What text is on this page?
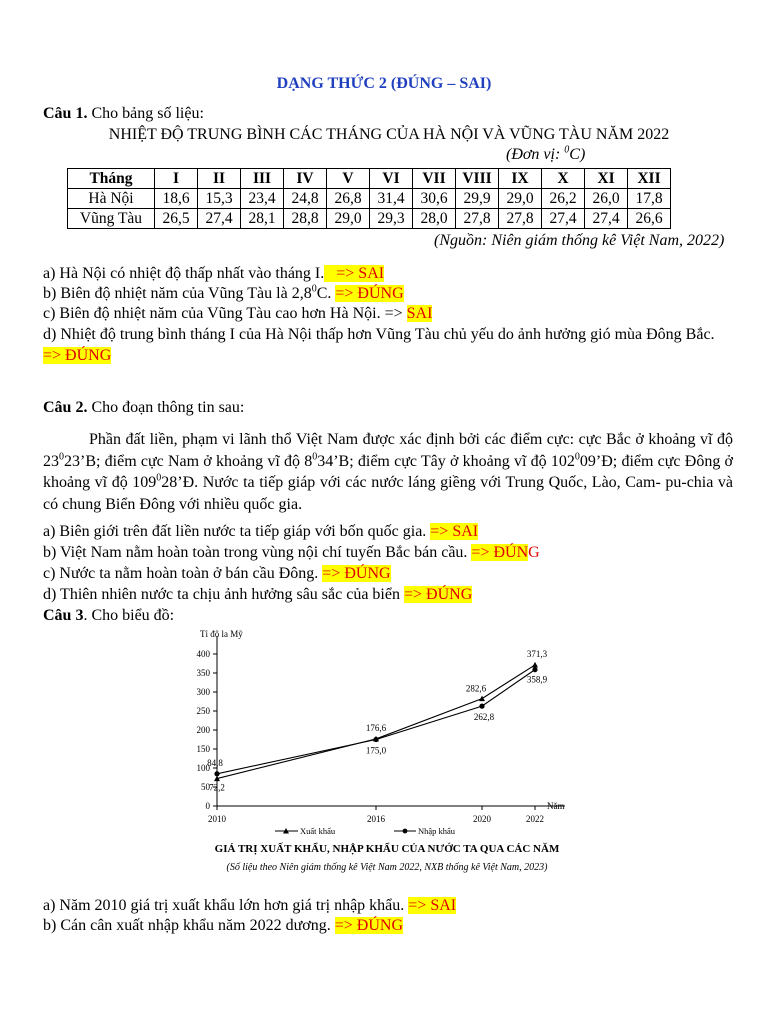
DẠNG THỨC 2 (ĐÚNG – SAI)
Câu 1. Cho bảng số liệu:
NHIỆT ĐỘ TRUNG BÌNH CÁC THÁNG CỦA HÀ NỘI VÀ VŨNG TÀU NĂM 2022
(Đơn vị: $^0$C)
Tháng	I	II	III	IV	V	VI	VII	VIII	IX	X	XI	XII
Hà Nội	18,6	15,3	23,4	24,8	26,8	31,4	30,6	29,9	29,0	26,2	26,0	17,8
Vũng Tàu	26,5	27,4	28,1	28,8	29,0	29,3	28,0	27,8	27,8	27,4	27,4	26,6
(Nguồn: Niên giám thống kê Việt Nam, 2022)
a) Hà Nội có nhiệt độ thấp nhất vào tháng I.   => SAI
b) Biên độ nhiệt năm của Vũng Tàu là $2,8^0C$. => ĐÚNG
c) Biên độ nhiệt năm của Vũng Tàu cao hơn Hà Nội. => SAI
d) Nhiệt độ trung bình tháng I của Hà Nội thấp hơn Vũng Tàu chủ yếu do ảnh hưởng gió mùa Đông Bắc.
=> ĐÚNG
Câu 2. Cho đoạn thông tin sau:
Phần đất liền, phạm vi lãnh thổ Việt Nam được xác định bởi các điểm cực: cực Bắc ở khoảng vĩ độ $23^023’B$; điểm cực Nam ở khoảng vĩ độ $8^034’B$; điểm cực Tây ở khoảng vĩ độ $102^009’Đ$; điểm cực Đông ở khoảng vĩ độ $109^028’Đ$. Nước ta tiếp giáp với các nước láng giềng với Trung Quốc, Lào, Cam- pu-chia và có chung Biển Đông với nhiều quốc gia.
a) Biên giới trên đất liền nước ta tiếp giáp với bốn quốc gia. => SAI
b) Việt Nam nằm hoàn toàn trong vùng nội chí tuyến Bắc bán cầu. => ĐÚNG
c) Nước ta nằm hoàn toàn ở bán cầu Đông. => ĐÚNG
d) Thiên nhiên nước ta chịu ảnh hưởng sâu sắc của biển => ĐÚNG
Câu 3. Cho biểu đồ:
0
50
100
150
200
250
300
350
400
2010	2016	2020	2022
Tỉ đô la Mỹ
Năm
72,2
176,6
282,6
371,3
84,8
175,0
262,8
358,9
Xuất khẩu	Nhập khẩu
GIÁ TRỊ XUẤT KHẨU, NHẬP KHẨU CỦA NƯỚC TA QUA CÁC NĂM
(Số liệu theo Niên giám thống kê Việt Nam 2022, NXB thống kê Việt Nam, 2023)
a) Năm 2010 giá trị xuất khẩu lớn hơn giá trị nhập khẩu. => SAI
b) Cán cân xuất nhập khẩu năm 2022 dương. => ĐÚNG
